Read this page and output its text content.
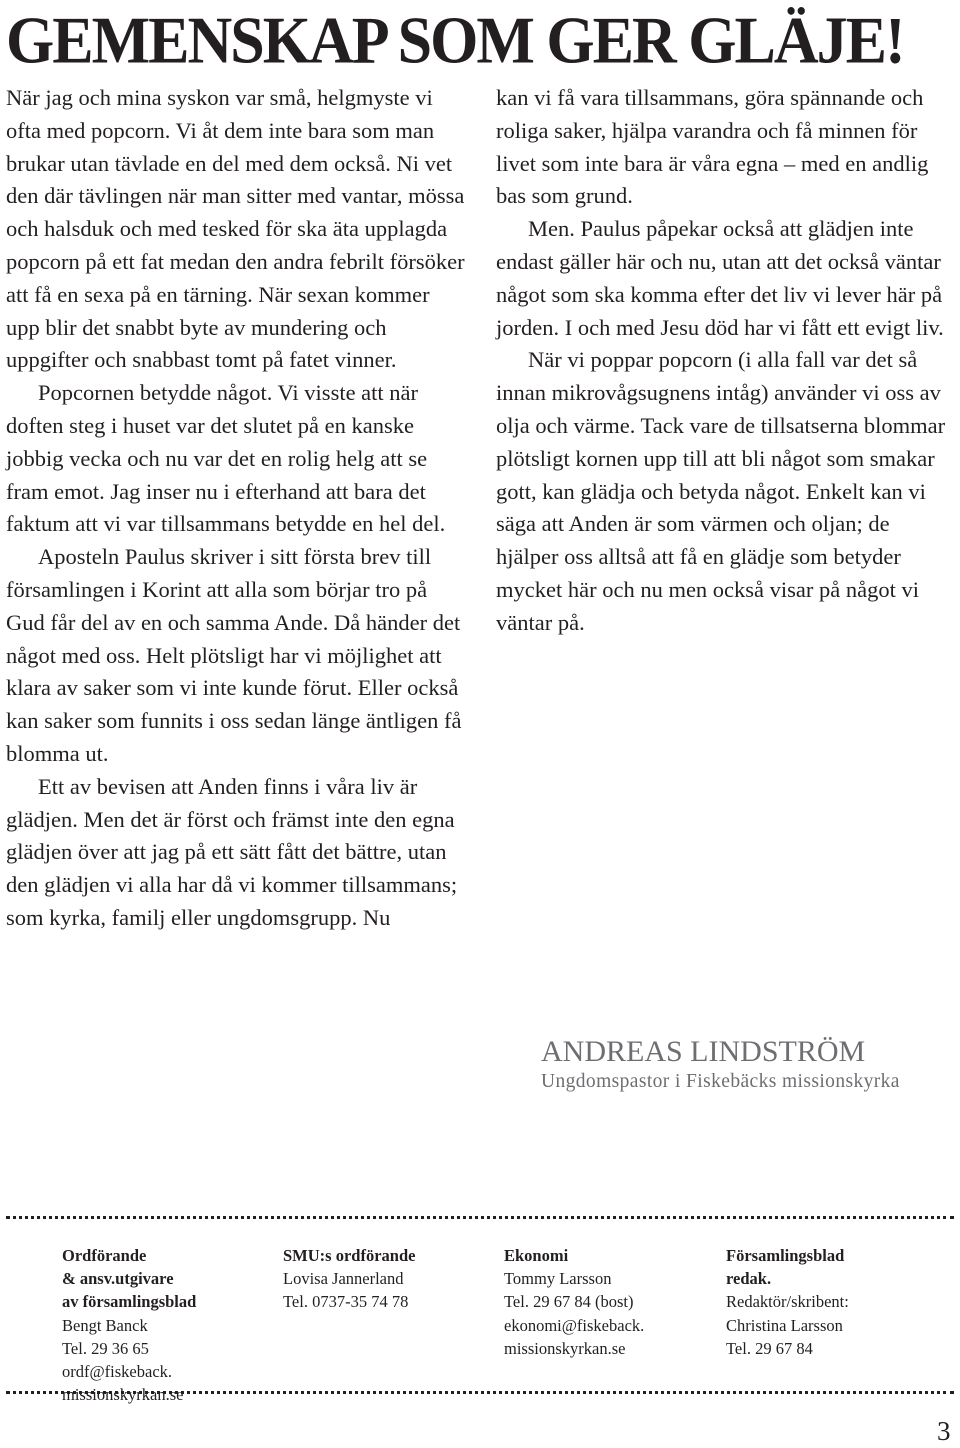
GEMENSKAP SOM GER GLÄJE!

När jag och mina syskon var små, helgmyste vi ofta med popcorn. Vi åt dem inte bara som man brukar utan tävlade en del med dem också. Ni vet den där tävlingen när man sitter med vantar, mössa och halsduk och med tesked för ska äta upplagda popcorn på ett fat medan den andra febrilt försöker att få en sexa på en tärning. När sexan kommer upp blir det snabbt byte av mundering och uppgifter och snabbast tomt på fatet vinner.

Popcornen betydde något. Vi visste att när doften steg i huset var det slutet på en kanske jobbig vecka och nu var det en rolig helg att se fram emot. Jag inser nu i efterhand att bara det faktum att vi var tillsammans betydde en hel del.

Aposteln Paulus skriver i sitt första brev till församlingen i Korint att alla som börjar tro på Gud får del av en och samma Ande. Då händer det något med oss. Helt plötsligt har vi möjlighet att klara av saker som vi inte kunde förut. Eller också kan saker som funnits i oss sedan länge äntligen få blomma ut.

Ett av bevisen att Anden finns i våra liv är glädjen. Men det är först och främst inte den egna glädjen över att jag på ett sätt fått det bättre, utan den glädjen vi alla har då vi kommer tillsammans; som kyrka, familj eller ungdomsgrupp. Nu

kan vi få vara tillsammans, göra spännande och roliga saker, hjälpa varandra och få minnen för livet som inte bara är våra egna – med en andlig bas som grund.

Men. Paulus påpekar också att glädjen inte endast gäller här och nu, utan att det också väntar något som ska komma efter det liv vi lever här på jorden. I och med Jesu död har vi fått ett evigt liv.

När vi poppar popcorn (i alla fall var det så innan mikrovågsugnens intåg) använder vi oss av olja och värme. Tack vare de tillsatserna blommar plötsligt kornen upp till att bli något som smakar gott, kan glädja och betyda något. Enkelt kan vi säga att Anden är som värmen och oljan; de hjälper oss alltså att få en glädje som betyder mycket här och nu men också visar på något vi väntar på.

ANDREAS LINDSTRÖM
Ungdomspastor i Fiskebäcks missionskyrka
Ordförande
& ansv.utgivare
av församlingsblad
Bengt Banck
Tel. 29 36 65
ordf@fiskeback.
missionskyrkan.se
SMU:s ordförande
Lovisa Jannerland
Tel. 0737-35 74 78
Ekonomi
Tommy Larsson
Tel. 29 67 84 (bost)
ekonomi@fiskeback.
missionskyrkan.se
Församlingsblad
redak.
Redaktör/skribent:
Christina Larsson
Tel. 29 67 84
3
